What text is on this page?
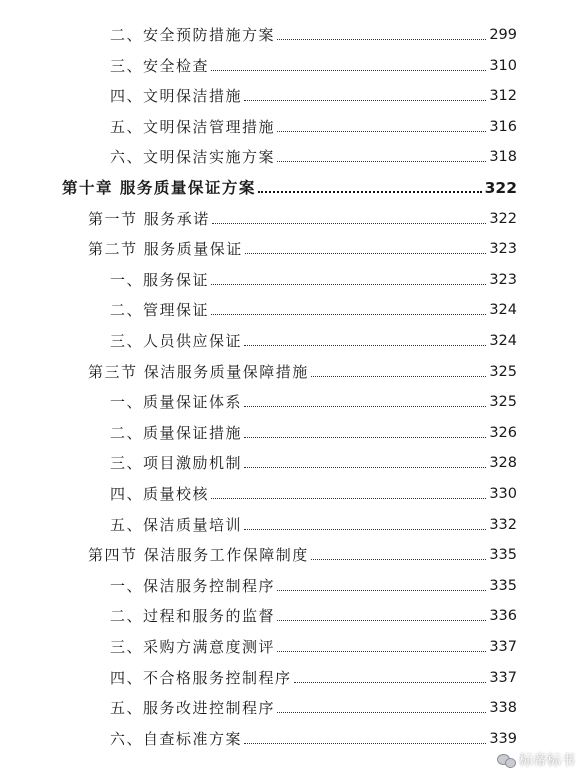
二、安全预防措施方案	299
三、安全检查	310
四、文明保洁措施	312
五、文明保洁管理措施	316
六、文明保洁实施方案	318
第十章 服务质量保证方案	322
第一节 服务承诺	322
第二节 服务质量保证	323
一、服务保证	323
二、管理保证	324
三、人员供应保证	324
第三节 保洁服务质量保障措施	325
一、质量保证体系	325
二、质量保证措施	326
三、项目激励机制	328
四、质量校核	330
五、保洁质量培训	332
第四节 保洁服务工作保障制度	335
一、保洁服务控制程序	335
二、过程和服务的监督	336
三、采购方满意度测评	337
四、不合格服务控制程序	337
五、服务改进控制程序	338
六、自查标准方案	339
标帝标书
